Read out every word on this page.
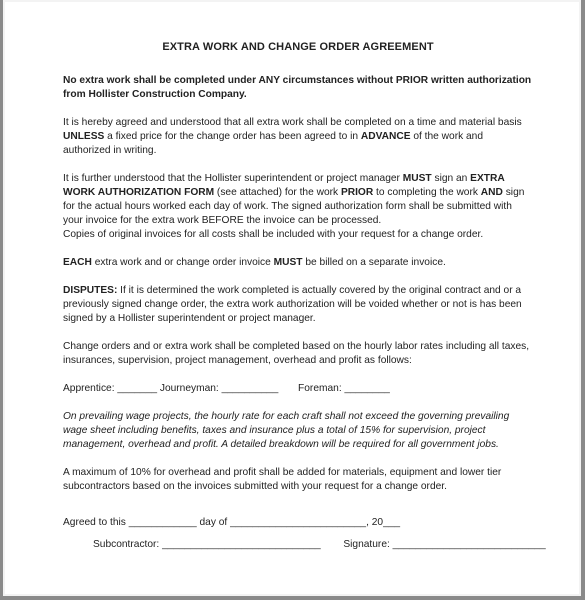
EXTRA WORK AND CHANGE ORDER AGREEMENT

No extra work shall be completed under ANY circumstances without PRIOR written authorization from Hollister Construction Company.

It is hereby agreed and understood that all extra work shall be completed on a time and material basis UNLESS a fixed price for the change order has been agreed to in ADVANCE of the work and authorized in writing.

It is further understood that the Hollister superintendent or project manager MUST sign an EXTRA WORK AUTHORIZATION FORM (see attached) for the work PRIOR to completing the work AND sign for the actual hours worked each day of work. The signed authorization form shall be submitted with your invoice for the extra work BEFORE the invoice can be processed.
Copies of original invoices for all costs shall be included with your request for a change order.

EACH extra work and or change order invoice MUST be billed on a separate invoice.

DISPUTES: If it is determined the work completed is actually covered by the original contract and or a previously signed change order, the extra work authorization will be voided whether or not is has been signed by a Hollister superintendent or project manager.

Change orders and or extra work shall be completed based on the hourly labor rates including all taxes, insurances, supervision, project management, overhead and profit as follows:

Apprentice: _______ Journeyman: __________       Foreman: ________

On prevailing wage projects, the hourly rate for each craft shall not exceed the governing prevailing wage sheet including benefits, taxes and insurance plus a total of 15% for supervision, project management, overhead and profit. A detailed breakdown will be required for all government jobs.

A maximum of 10% for overhead and profit shall be added for materials, equipment and lower tier subcontractors based on the invoices submitted with your request for a change order.

Agreed to this ____________ day of ________________________, 20___

Subcontractor: ____________________________        Signature: ___________________________
